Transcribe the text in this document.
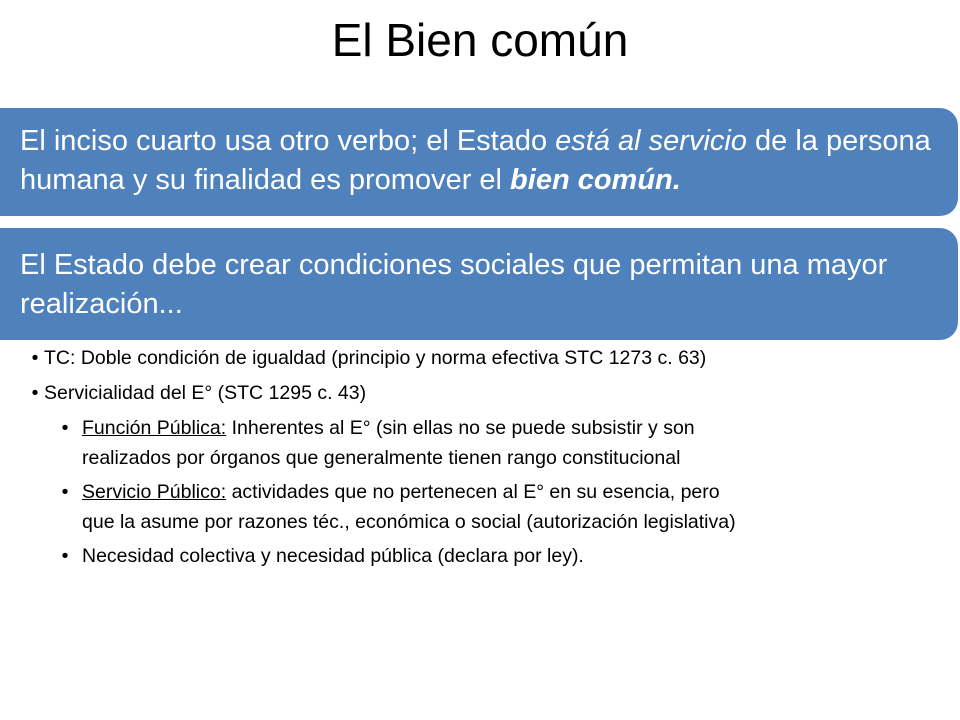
El Bien común
El inciso cuarto usa otro verbo; el Estado está al servicio de la persona humana y su finalidad es promover el bien común.
El Estado debe crear condiciones sociales que permitan una mayor realización...
• TC: Doble condición de igualdad (principio y norma efectiva STC 1273 c. 63)
• Servicialidad del E° (STC 1295 c. 43)
• Función Pública: Inherentes al E° (sin ellas no se puede subsistir y son
realizados por órganos que generalmente tienen rango constitucional
• Servicio Público: actividades que no pertenecen al E° en su esencia, pero
que la asume por razones téc., económica o social (autorización legislativa)
• Necesidad colectiva y necesidad pública (declara por ley).
